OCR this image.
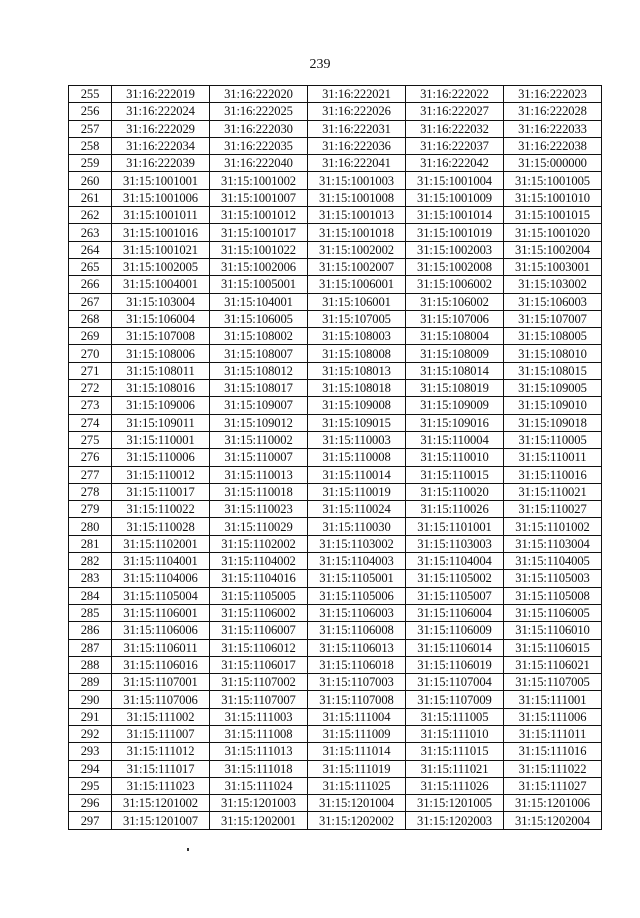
239
255	31:16:222019	31:16:222020	31:16:222021	31:16:222022	31:16:222023
256	31:16:222024	31:16:222025	31:16:222026	31:16:222027	31:16:222028
257	31:16:222029	31:16:222030	31:16:222031	31:16:222032	31:16:222033
258	31:16:222034	31:16:222035	31:16:222036	31:16:222037	31:16:222038
259	31:16:222039	31:16:222040	31:16:222041	31:16:222042	31:15:000000
260	31:15:1001001	31:15:1001002	31:15:1001003	31:15:1001004	31:15:1001005
261	31:15:1001006	31:15:1001007	31:15:1001008	31:15:1001009	31:15:1001010
262	31:15:1001011	31:15:1001012	31:15:1001013	31:15:1001014	31:15:1001015
263	31:15:1001016	31:15:1001017	31:15:1001018	31:15:1001019	31:15:1001020
264	31:15:1001021	31:15:1001022	31:15:1002002	31:15:1002003	31:15:1002004
265	31:15:1002005	31:15:1002006	31:15:1002007	31:15:1002008	31:15:1003001
266	31:15:1004001	31:15:1005001	31:15:1006001	31:15:1006002	31:15:103002
267	31:15:103004	31:15:104001	31:15:106001	31:15:106002	31:15:106003
268	31:15:106004	31:15:106005	31:15:107005	31:15:107006	31:15:107007
269	31:15:107008	31:15:108002	31:15:108003	31:15:108004	31:15:108005
270	31:15:108006	31:15:108007	31:15:108008	31:15:108009	31:15:108010
271	31:15:108011	31:15:108012	31:15:108013	31:15:108014	31:15:108015
272	31:15:108016	31:15:108017	31:15:108018	31:15:108019	31:15:109005
273	31:15:109006	31:15:109007	31:15:109008	31:15:109009	31:15:109010
274	31:15:109011	31:15:109012	31:15:109015	31:15:109016	31:15:109018
275	31:15:110001	31:15:110002	31:15:110003	31:15:110004	31:15:110005
276	31:15:110006	31:15:110007	31:15:110008	31:15:110010	31:15:110011
277	31:15:110012	31:15:110013	31:15:110014	31:15:110015	31:15:110016
278	31:15:110017	31:15:110018	31:15:110019	31:15:110020	31:15:110021
279	31:15:110022	31:15:110023	31:15:110024	31:15:110026	31:15:110027
280	31:15:110028	31:15:110029	31:15:110030	31:15:1101001	31:15:1101002
281	31:15:1102001	31:15:1102002	31:15:1103002	31:15:1103003	31:15:1103004
282	31:15:1104001	31:15:1104002	31:15:1104003	31:15:1104004	31:15:1104005
283	31:15:1104006	31:15:1104016	31:15:1105001	31:15:1105002	31:15:1105003
284	31:15:1105004	31:15:1105005	31:15:1105006	31:15:1105007	31:15:1105008
285	31:15:1106001	31:15:1106002	31:15:1106003	31:15:1106004	31:15:1106005
286	31:15:1106006	31:15:1106007	31:15:1106008	31:15:1106009	31:15:1106010
287	31:15:1106011	31:15:1106012	31:15:1106013	31:15:1106014	31:15:1106015
288	31:15:1106016	31:15:1106017	31:15:1106018	31:15:1106019	31:15:1106021
289	31:15:1107001	31:15:1107002	31:15:1107003	31:15:1107004	31:15:1107005
290	31:15:1107006	31:15:1107007	31:15:1107008	31:15:1107009	31:15:111001
291	31:15:111002	31:15:111003	31:15:111004	31:15:111005	31:15:111006
292	31:15:111007	31:15:111008	31:15:111009	31:15:111010	31:15:111011
293	31:15:111012	31:15:111013	31:15:111014	31:15:111015	31:15:111016
294	31:15:111017	31:15:111018	31:15:111019	31:15:111021	31:15:111022
295	31:15:111023	31:15:111024	31:15:111025	31:15:111026	31:15:111027
296	31:15:1201002	31:15:1201003	31:15:1201004	31:15:1201005	31:15:1201006
297	31:15:1201007	31:15:1202001	31:15:1202002	31:15:1202003	31:15:1202004
